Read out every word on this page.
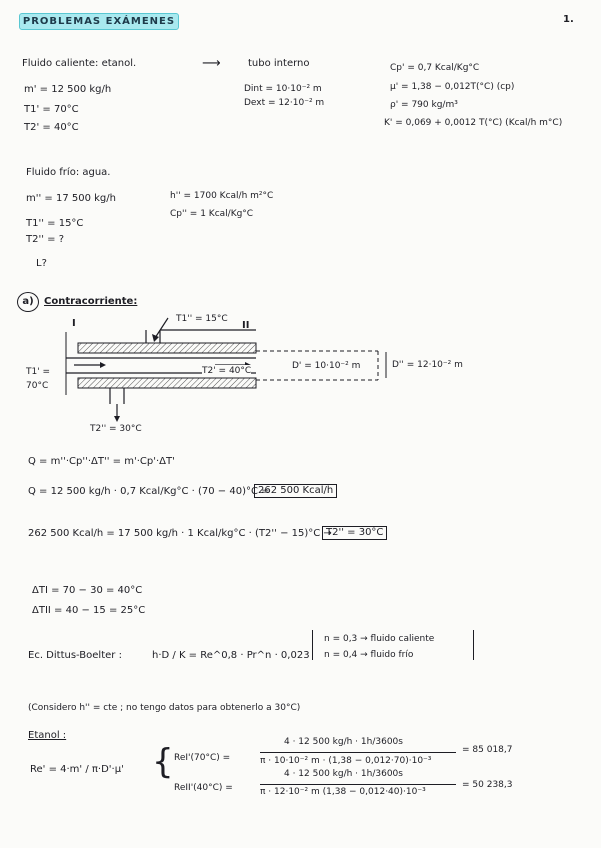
PROBLEMAS EXÁMENES	1.
Fluido caliente: etanol.	⟶	tubo interno
m' = 12 500 kg/h
T1' = 70°C
T2' = 40°C
Dint = 10·10⁻² m
Dext = 12·10⁻² m
Cp' = 0,7 Kcal/Kg°C
μ' = 1,38 − 0,012T(°C) (cp)
ρ' = 790 kg/m³
K' = 0,069 + 0,0012 T(°C) (Kcal/h m°C)
Fluido frío: agua.
m'' = 17 500 kg/h	h'' = 1700 Kcal/h m²°C
Cp'' = 1 Kcal/Kg°C
T1'' = 15°C
T2'' = ?
L?
a)	Contracorriente:
I	II
T1'' = 15°C
T1' =
70°C
T2' = 40°C	D' = 10·10⁻² m	D'' = 12·10⁻² m
T2'' = 30°C
Q = m''·Cp''·ΔT'' = m'·Cp'·ΔT'
Q = 12 500 kg/h · 0,7 Kcal/Kg°C · (70 − 40)°C =
262 500 Kcal/h
262 500 Kcal/h = 17 500 kg/h · 1 Kcal/kg°C · (T2'' − 15)°C →
T2'' = 30°C
ΔTI = 70 − 30 = 40°C
ΔTII = 40 − 15 = 25°C
Ec. Dittus-Boelter :	h·D / K = Re^0,8 · Pr^n · 0,023
n = 0,3 → fluido caliente
n = 0,4 → fluido frío
(Considero h'' = cte ; no tengo datos para obtenerlo a 30°C)
Etanol :
Re' = 4·m' / π·D'·μ' { ReI'(70°C) =
4 · 12 500 kg/h · 1h/3600s
π · 10·10⁻² m · (1,38 − 0,012·70)·10⁻³
= 85 018,7
ReII'(40°C) =
4 · 12 500 kg/h · 1h/3600s
π · 12·10⁻² m (1,38 − 0,012·40)·10⁻³
= 50 238,3
